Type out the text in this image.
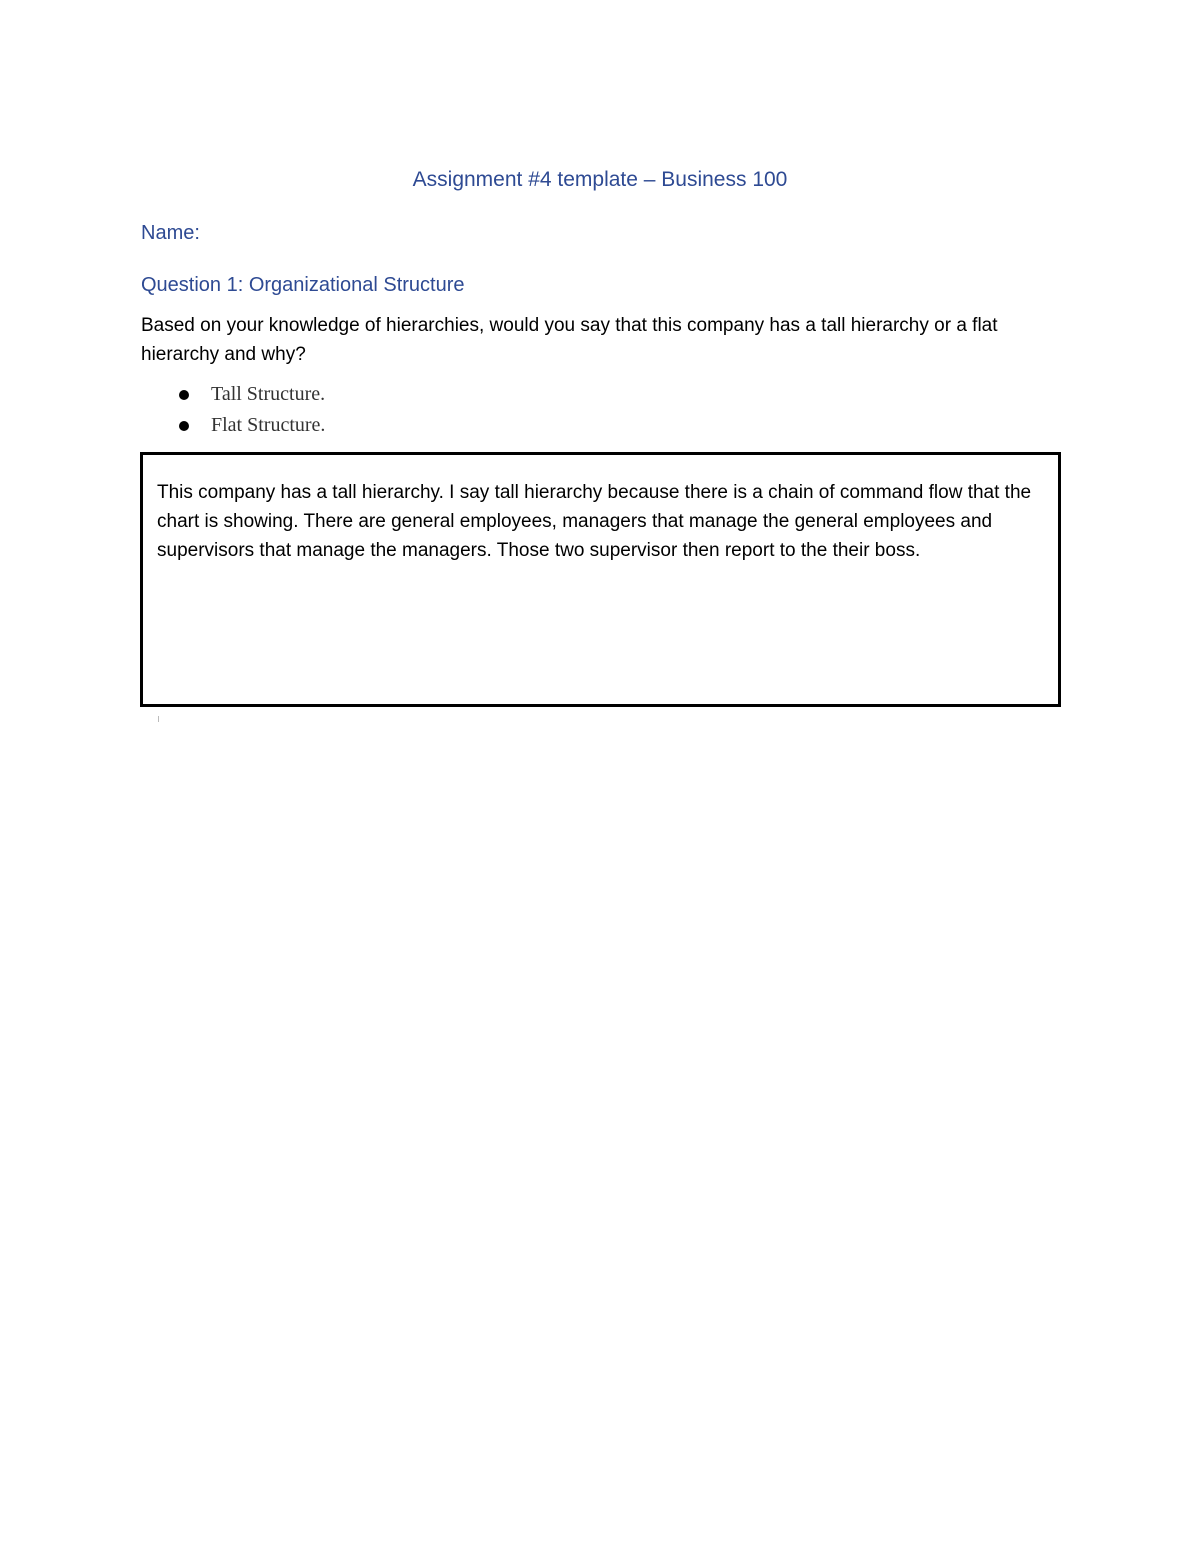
Assignment #4 template – Business 100
Name:
Question 1: Organizational Structure
Based on your knowledge of hierarchies, would you say that this company has a tall hierarchy or a flat hierarchy and why?
Tall Structure.
Flat Structure.
This company has a tall hierarchy. I say tall hierarchy because there is a chain of command flow that the chart is showing. There are general employees, managers that manage the general employees and supervisors that manage the managers. Those two supervisor then report to the their boss.
